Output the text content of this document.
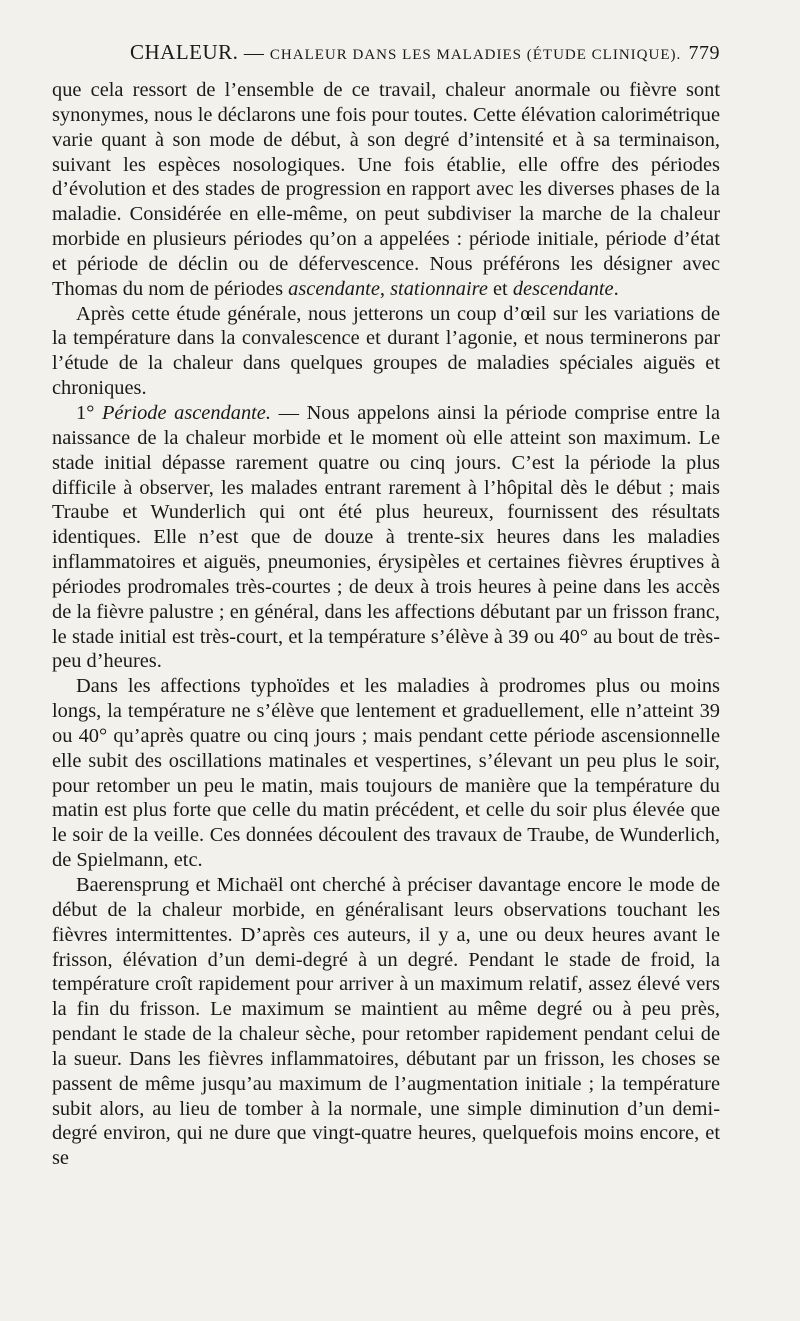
CHALEUR. — CHALEUR DANS LES MALADIES (ÉTUDE CLINIQUE). 779

que cela ressort de l’ensemble de ce travail, chaleur anormale ou fièvre sont synonymes, nous le déclarons une fois pour toutes. Cette élévation calorimétrique varie quant à son mode de début, à son degré d’intensité et à sa terminaison, suivant les espèces nosologiques. Une fois établie, elle offre des périodes d’évolution et des stades de progression en rapport avec les diverses phases de la maladie. Considérée en elle-même, on peut subdiviser la marche de la chaleur morbide en plusieurs périodes qu’on a appelées : période initiale, période d’état et période de déclin ou de défervescence. Nous préférons les désigner avec Thomas du nom de périodes ascendante, stationnaire et descendante.

Après cette étude générale, nous jetterons un coup d’œil sur les variations de la température dans la convalescence et durant l’agonie, et nous terminerons par l’étude de la chaleur dans quelques groupes de maladies spéciales aiguës et chroniques.

1° Période ascendante. — Nous appelons ainsi la période comprise entre la naissance de la chaleur morbide et le moment où elle atteint son maximum. Le stade initial dépasse rarement quatre ou cinq jours. C’est la période la plus difficile à observer, les malades entrant rarement à l’hôpital dès le début ; mais Traube et Wunderlich qui ont été plus heureux, fournissent des résultats identiques. Elle n’est que de douze à trente-six heures dans les maladies inflammatoires et aiguës, pneumonies, érysipèles et certaines fièvres éruptives à périodes prodromales très-courtes ; de deux à trois heures à peine dans les accès de la fièvre palustre ; en général, dans les affections débutant par un frisson franc, le stade initial est très-court, et la température s’élève à 39 ou 40° au bout de très-peu d’heures.

Dans les affections typhoïdes et les maladies à prodromes plus ou moins longs, la température ne s’élève que lentement et graduellement, elle n’atteint 39 ou 40° qu’après quatre ou cinq jours ; mais pendant cette période ascensionnelle elle subit des oscillations matinales et vespertines, s’élevant un peu plus le soir, pour retomber un peu le matin, mais toujours de manière que la température du matin est plus forte que celle du matin précédent, et celle du soir plus élevée que le soir de la veille. Ces données découlent des travaux de Traube, de Wunderlich, de Spielmann, etc.

Baerensprung et Michaël ont cherché à préciser davantage encore le mode de début de la chaleur morbide, en généralisant leurs observations touchant les fièvres intermittentes. D’après ces auteurs, il y a, une ou deux heures avant le frisson, élévation d’un demi-degré à un degré. Pendant le stade de froid, la température croît rapidement pour arriver à un maximum relatif, assez élevé vers la fin du frisson. Le maximum se maintient au même degré ou à peu près, pendant le stade de la chaleur sèche, pour retomber rapidement pendant celui de la sueur. Dans les fièvres inflammatoires, débutant par un frisson, les choses se passent de même jusqu’au maximum de l’augmentation initiale ; la température subit alors, au lieu de tomber à la normale, une simple diminution d’un demi-degré environ, qui ne dure que vingt-quatre heures, quelquefois moins encore, et se
